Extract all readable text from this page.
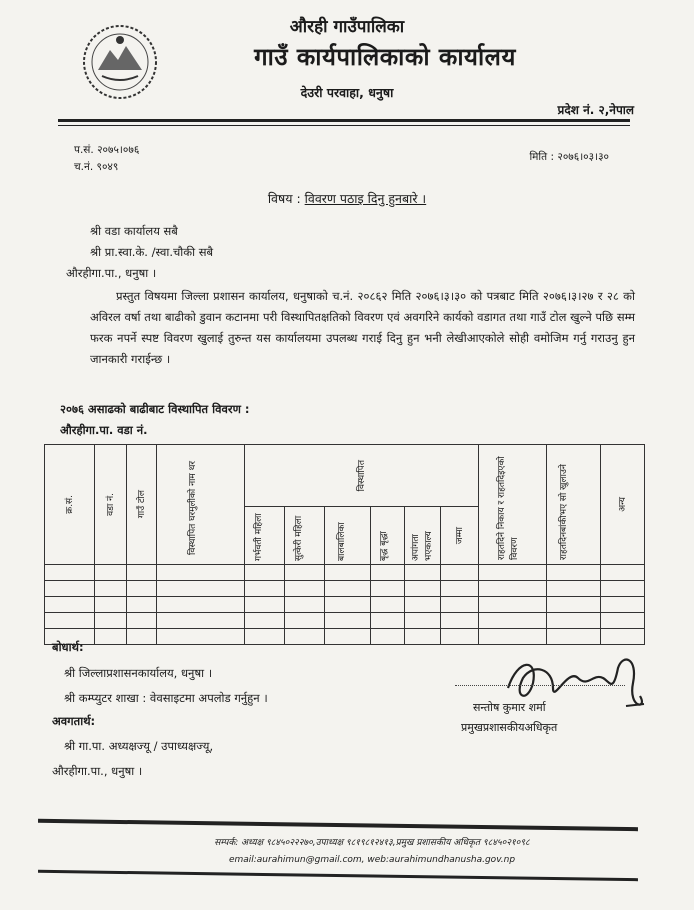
औरही गाउँपालिका
गाउँ कार्यपालिकाको कार्यालय
देउरी परवाहा, धनुषा
प्रदेश नं. २,नेपाल
प.सं. २०७५।०७६
च.नं. ९०४९
मिति : २०७६।०३।३०
विषय : विवरण पठाइ दिनु हुनबारे ।
श्री वडा कार्यालय सबै
श्री प्रा.स्वा.के. /स्वा.चौकी सबै
औरहीगा.पा., धनुषा ।
प्रस्तुत विषयमा जिल्ला प्रशासन कार्यालय, धनुषाको च.नं. २०८६२ मिति २०७६।३।३० को पत्रबाट मिति २०७६।३।२७ र २८ को अविरल वर्षा तथा बाढीको डुवान कटानमा परी विस्थापितक्षतिको विवरण एवं अवगरिने कार्यको वडागत तथा गाउँ टोल खुल्ने पछि सम्म फरक नपर्ने स्पष्ट विवरण खुलाई तुरुन्त यस कार्यालयमा उपलब्ध गराई दिनु हुन भनी लेखीआएकोले सोही वमोजिम गर्नु गराउनु हुन जानकारी गराईन्छ ।
२०७६ असाढको बाढीबाट विस्थापित विवरण :
औरहीगा.पा. वडा नं.
क्र.सं.	वडा नं.	गाउँ टोल	विस्थापित घरमुलीको नाम थर	विस्थापित						राहतदिने निकाय र राहतदिइएको विवरण	राहतदिनबांकीभए सो खुलाउने	अन्य

				गर्भवती महिला	सुत्केरी महिला	बालबालिका	बृद्ध बृद्धा	अपांगता भएकाल्य	जम्मा			

बोधार्थ:
श्री जिल्लाप्रशासनकार्यालय, धनुषा ।
श्री कम्प्युटर शाखा : वेवसाइटमा अपलोड गर्नुहुन ।
अवगतार्थ:
श्री गा.पा. अध्यक्षज्यू / उपाध्यक्षज्यू,
औरहीगा.पा., धनुषा ।
सन्तोष कुमार शर्मा
प्रमुखप्रशासकीयअधिकृत
सम्पर्क: अध्यक्ष ९८४५०२२२७०,उपाध्यक्ष ९८१९८१२४१३,प्रमुख प्रशासकीय अधिकृत ९८४५०२१०९८
email:aurahimun@gmail.com, web:aurahimundhanusha.gov.np
